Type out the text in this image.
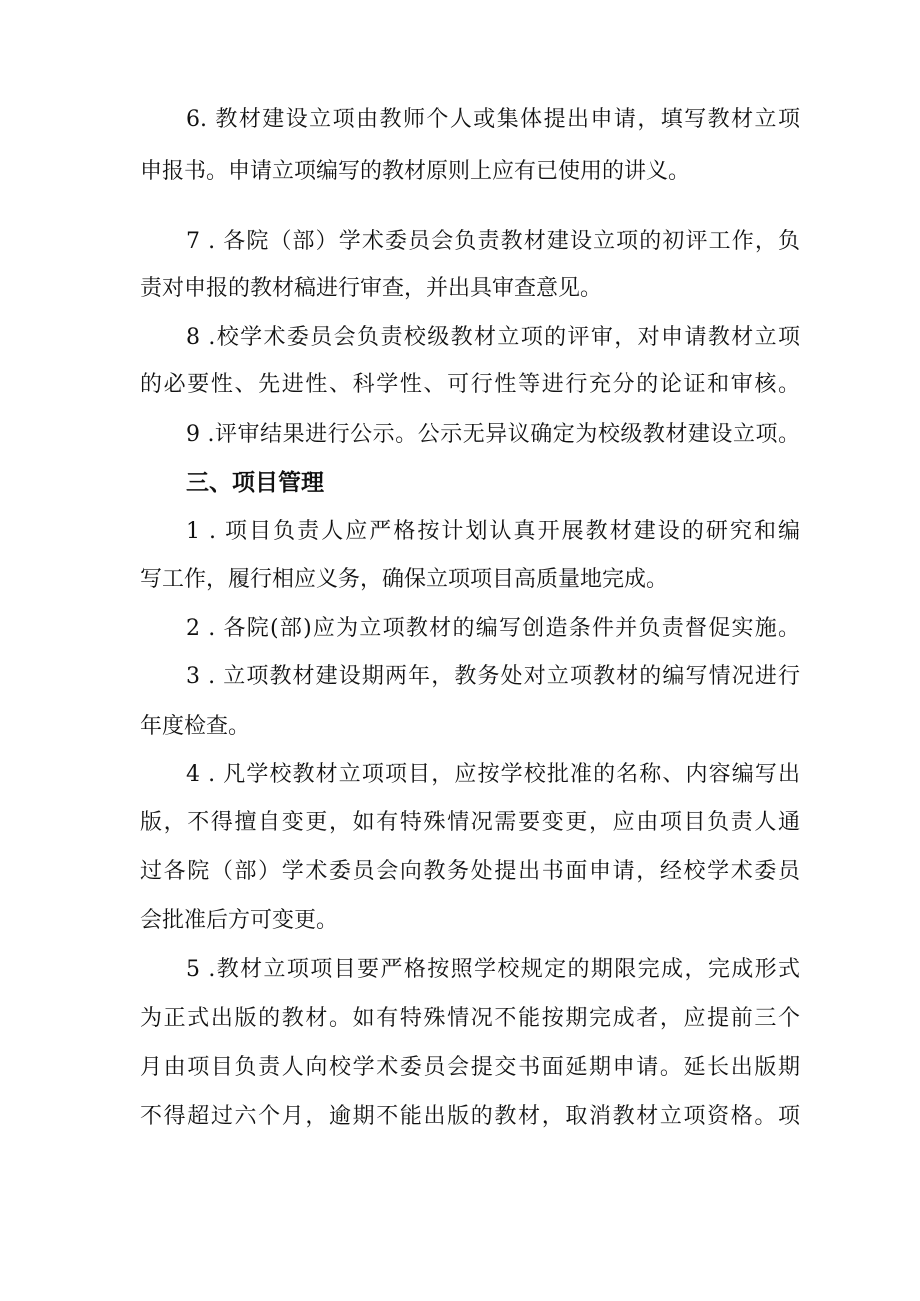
6. 教材建设立项由教师个人或集体提出申请，填写教材立项
申报书。申请立项编写的教材原则上应有已使用的讲义。
7 . 各院（部）学术委员会负责教材建设立项的初评工作，负
责对申报的教材稿进行审查，并出具审查意见。
8 .校学术委员会负责校级教材立项的评审，对申请教材立项
的必要性、先进性、科学性、可行性等进行充分的论证和审核。
9 .评审结果进行公示。公示无异议确定为校级教材建设立项。
三、项目管理
1 . 项目负责人应严格按计划认真开展教材建设的研究和编
写工作，履行相应义务，确保立项项目高质量地完成。
2 . 各院(部)应为立项教材的编写创造条件并负责督促实施。
3 . 立项教材建设期两年，教务处对立项教材的编写情况进行
年度检查。
4 . 凡学校教材立项项目，应按学校批准的名称、内容编写出
版，不得擅自变更，如有特殊情况需要变更，应由项目负责人通
过各院（部）学术委员会向教务处提出书面申请，经校学术委员
会批准后方可变更。
5 .教材立项项目要严格按照学校规定的期限完成，完成形式
为正式出版的教材。如有特殊情况不能按期完成者，应提前三个
月由项目负责人向校学术委员会提交书面延期申请。延长出版期
不得超过六个月，逾期不能出版的教材，取消教材立项资格。项
